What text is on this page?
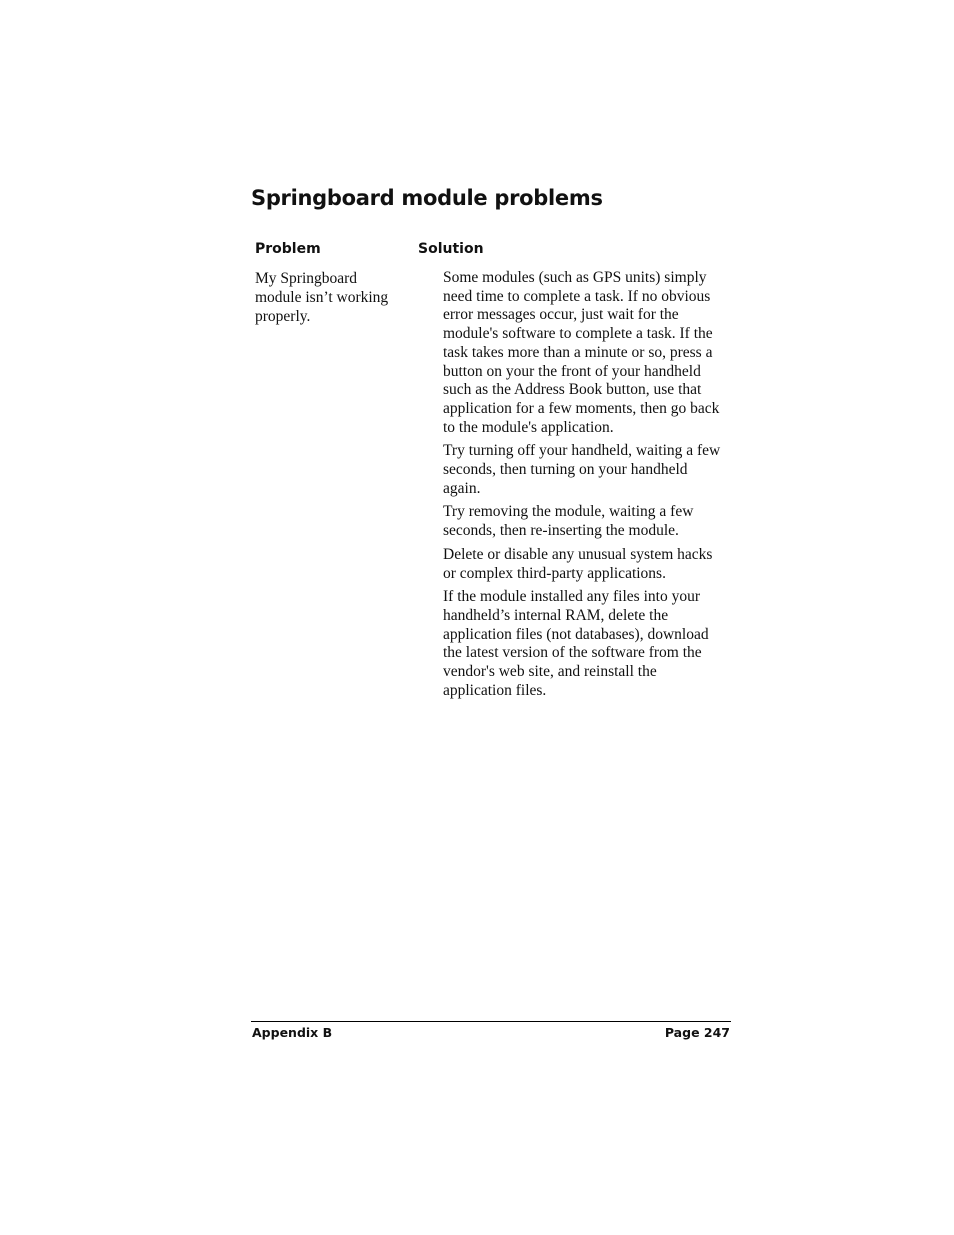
Springboard module problems
Problem	Solution
My Springboard module isn’t working properly.

Some modules (such as GPS units) simply need time to complete a task. If no obvious error messages occur, just wait for the module's software to complete a task. If the task takes more than a minute or so, press a button on your the front of your handheld such as the Address Book button, use that application for a few moments, then go back to the module's application.

Try turning off your handheld, waiting a few seconds, then turning on your handheld again.

Try removing the module, waiting a few seconds, then re-inserting the module.

Delete or disable any unusual system hacks or complex third-party applications.

If the module installed any files into your handheld’s internal RAM, delete the application files (not databases), download the latest version of the software from the vendor's web site, and reinstall the application files.

Appendix B	Page 247
